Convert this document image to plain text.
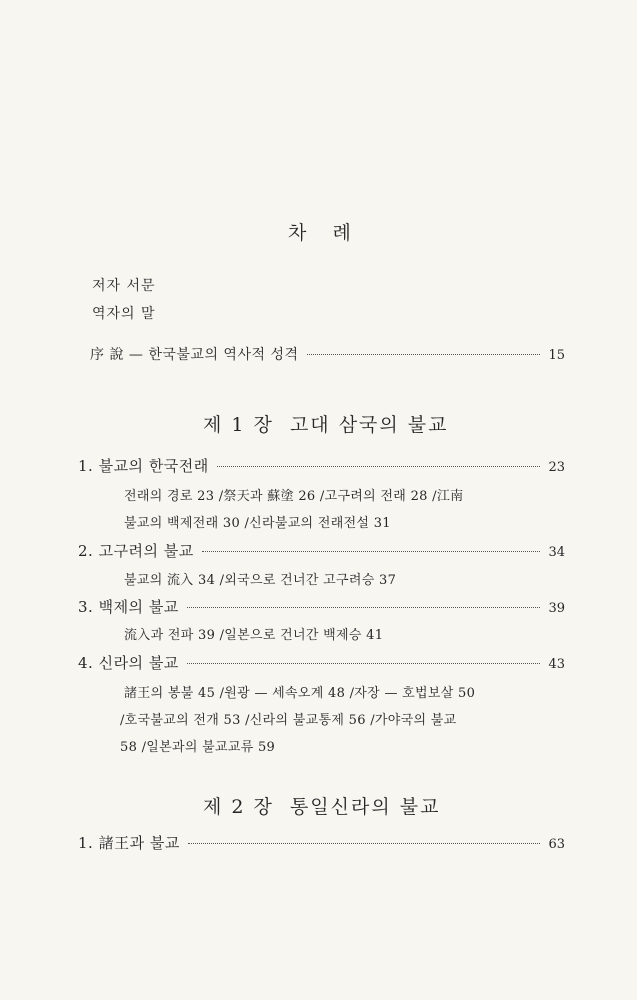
차   례
저자 서문
역자의 말
序 說 — 한국불교의 역사적 성격	15
제 1 장  고대 삼국의 불교
1. 불교의 한국전래	23
전래의 경로 23 /祭天과 蘇塗 26 /고구려의 전래 28 /江南
불교의 백제전래 30 /신라불교의 전래전설 31
2. 고구려의 불교	34
불교의 流入 34 /외국으로 건너간 고구려승 37
3. 백제의 불교	39
流入과 전파 39 /일본으로 건너간 백제승 41
4. 신라의 불교	43
諸王의 봉불 45 /원광 — 세속오계 48 /자장 — 호법보살 50
/호국불교의 전개 53 /신라의 불교통제 56 /가야국의 불교
58 /일본과의 불교교류 59
제 2 장  통일신라의 불교
1. 諸王과 불교	63
